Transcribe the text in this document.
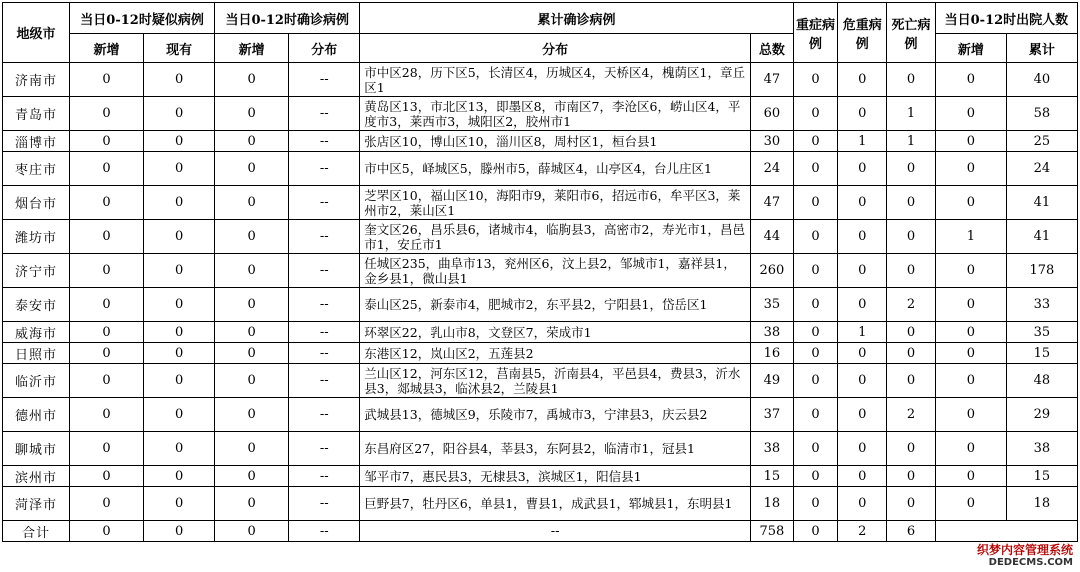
地级市	当日0-12时疑似病例		当日0-12时确诊病例		累计确诊病例		重症病例	危重病例	死亡病例	当日0-12时出院人数	
	新增	现有	新增	分布	分布	总数				新增	累计
济南市	0	0	0	--	市中区28，历下区5，长清区4，历城区4，天桥区4，槐荫区1，章丘区1	47	0	0	0	0	40
青岛市	0	0	0	--	黄岛区13，市北区13，即墨区8，市南区7，李沧区6，崂山区4，平度市3，莱西市3，城阳区2，胶州市1	60	0	0	1	0	58
淄博市	0	0	0	--	张店区10，博山区10，淄川区8，周村区1，桓台县1	30	0	1	1	0	25
枣庄市	0	0	0	--	市中区5，峄城区5，滕州市5，薛城区4，山亭区4，台儿庄区1	24	0	0	0	0	24
烟台市	0	0	0	--	芝罘区10，福山区10，海阳市9，莱阳市6，招远市6，牟平区3，莱州市2，莱山区1	47	0	0	0	0	41
潍坊市	0	0	0	--	奎文区26，昌乐县6，诸城市4，临朐县3，高密市2，寿光市1，昌邑市1，安丘市1	44	0	0	0	1	41
济宁市	0	0	0	--	任城区235，曲阜市13，兖州区6，汶上县2，邹城市1，嘉祥县1，金乡县1，微山县1	260	0	0	0	0	178
泰安市	0	0	0	--	泰山区25，新泰市4，肥城市2，东平县2，宁阳县1，岱岳区1	35	0	0	2	0	33
威海市	0	0	0	--	环翠区22，乳山市8，文登区7，荣成市1	38	0	1	0	0	35
日照市	0	0	0	--	东港区12，岚山区2，五莲县2	16	0	0	0	0	15
临沂市	0	0	0	--	兰山区12，河东区12，莒南县5，沂南县4，平邑县4，费县3，沂水县3，郯城县3，临沭县2，兰陵县1	49	0	0	0	0	48
德州市	0	0	0	--	武城县13，德城区9，乐陵市7，禹城市3，宁津县3，庆云县2	37	0	0	2	0	29
聊城市	0	0	0	--	东昌府区27，阳谷县4，莘县3，东阿县2，临清市1，冠县1	38	0	0	0	0	38
滨州市	0	0	0	--	邹平市7，惠民县3，无棣县3，滨城区1，阳信县1	15	0	0	0	0	15
菏泽市	0	0	0	--	巨野县7，牡丹区6，单县1，曹县1，成武县1，郓城县1，东明县1	18	0	0	0	0	18
合计	0	0	0	--	--	758	0	2	6		
织梦内容管理系统
DEDECMS.COM
